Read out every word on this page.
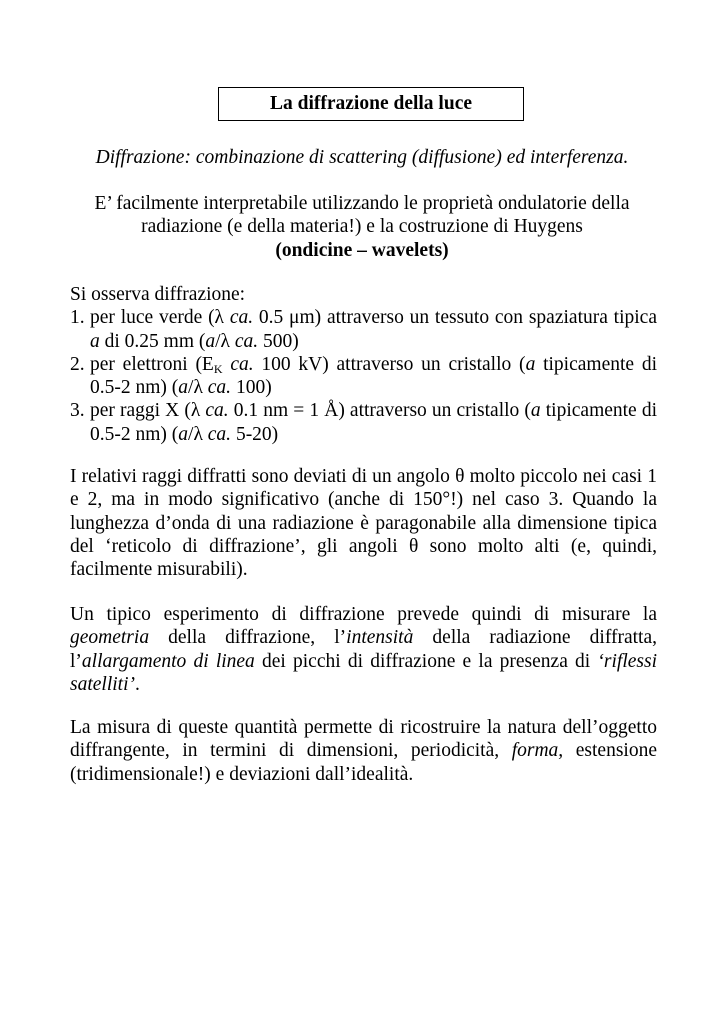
La diffrazione della luce
Diffrazione: combinazione di scattering (diffusione) ed interferenza.
E’ facilmente interpretabile utilizzando le proprietà ondulatorie della
radiazione (e della materia!) e la costruzione di Huygens
(ondicine – wavelets)
Si osserva diffrazione:
1. per luce verde (λ ca. 0.5 μm) attraverso un tessuto con spaziatura tipica
a di 0.25 mm (a/λ ca. 500)
2. per elettroni ($E_K$ ca. 100 kV) attraverso un cristallo (a tipicamente di
0.5-2 nm) (a/λ ca. 100)
3. per raggi X (λ ca. 0.1 nm = 1 Å) attraverso un cristallo (a tipicamente di
0.5-2 nm) (a/λ ca. 5-20)

I relativi raggi diffratti sono deviati di un angolo θ molto piccolo nei casi 1 e 2, ma in modo significativo (anche di 150°!) nel caso 3. Quando la lunghezza d’onda di una radiazione è paragonabile alla dimensione tipica del ‘reticolo di diffrazione’, gli angoli θ sono molto alti (e, quindi, facilmente misurabili).

Un tipico esperimento di diffrazione prevede quindi di misurare la geometria della diffrazione, l’intensità della radiazione diffratta, l’allargamento di linea dei picchi di diffrazione e la presenza di ‘riflessi satelliti’.

La misura di queste quantità permette di ricostruire la natura dell’oggetto diffrangente, in termini di dimensioni, periodicità, forma, estensione (tridimensionale!) e deviazioni dall’idealità.
